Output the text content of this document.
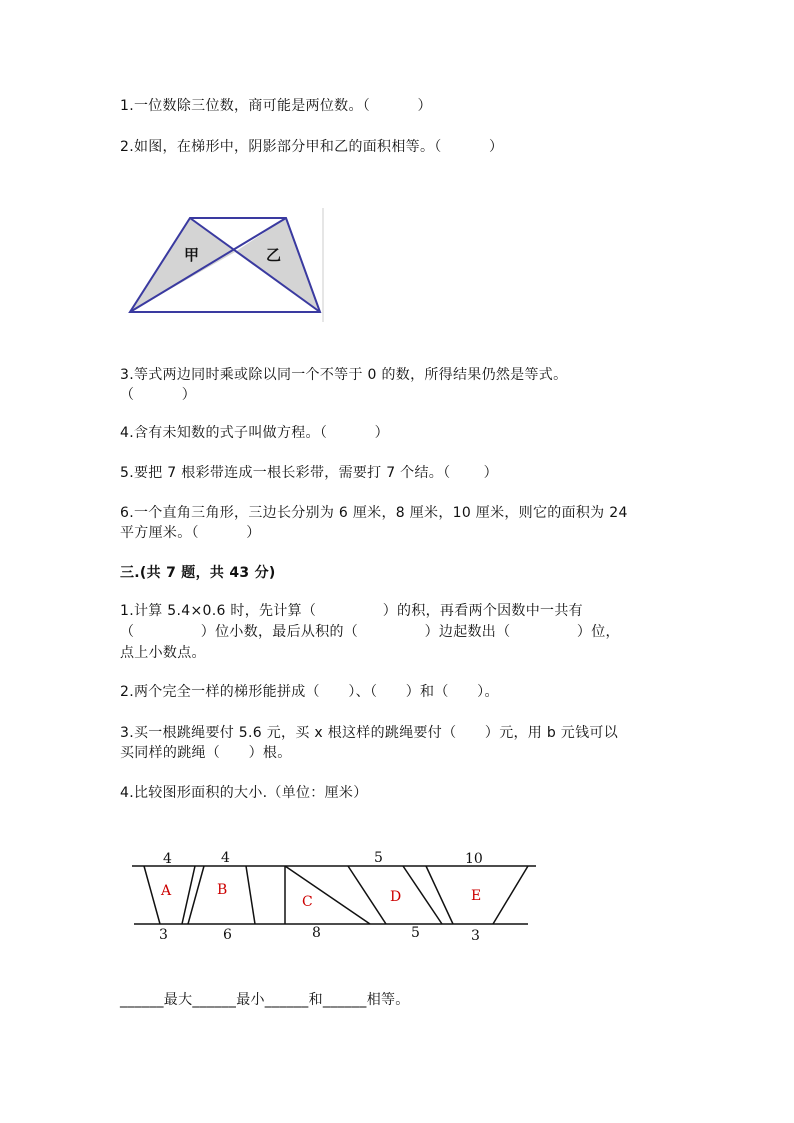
1.一位数除三位数，商可能是两位数。（          ）
2.如图，在梯形中，阴影部分甲和乙的面积相等。（          ）
甲	乙
3.等式两边同时乘或除以同一个不等于 0 的数，所得结果仍然是等式。
（          ）
4.含有未知数的式子叫做方程。（          ）
5.要把 7 根彩带连成一根长彩带，需要打 7 个结。（       ）
6.一个直角三角形，三边长分别为 6 厘米，8 厘米，10 厘米，则它的面积为 24
平方厘米。（          ）
三.(共 7 题，共 43 分)
1.计算 5.4×0.6 时，先计算（              ）的积，再看两个因数中一共有
（              ）位小数，最后从积的（              ）边起数出（              ）位，
点上小数点。
2.两个完全一样的梯形能拼成（      ）、（      ）和（      ）。
3.买一根跳绳要付 5.6 元，买 x 根这样的跳绳要付（      ）元，用 b 元钱可以
买同样的跳绳（      ）根。
4.比较图形面积的大小.（单位：厘米）
4	4	5	10
3	6	8	5	3
A	B
C	D	E
______最大______最小______和______相等。
